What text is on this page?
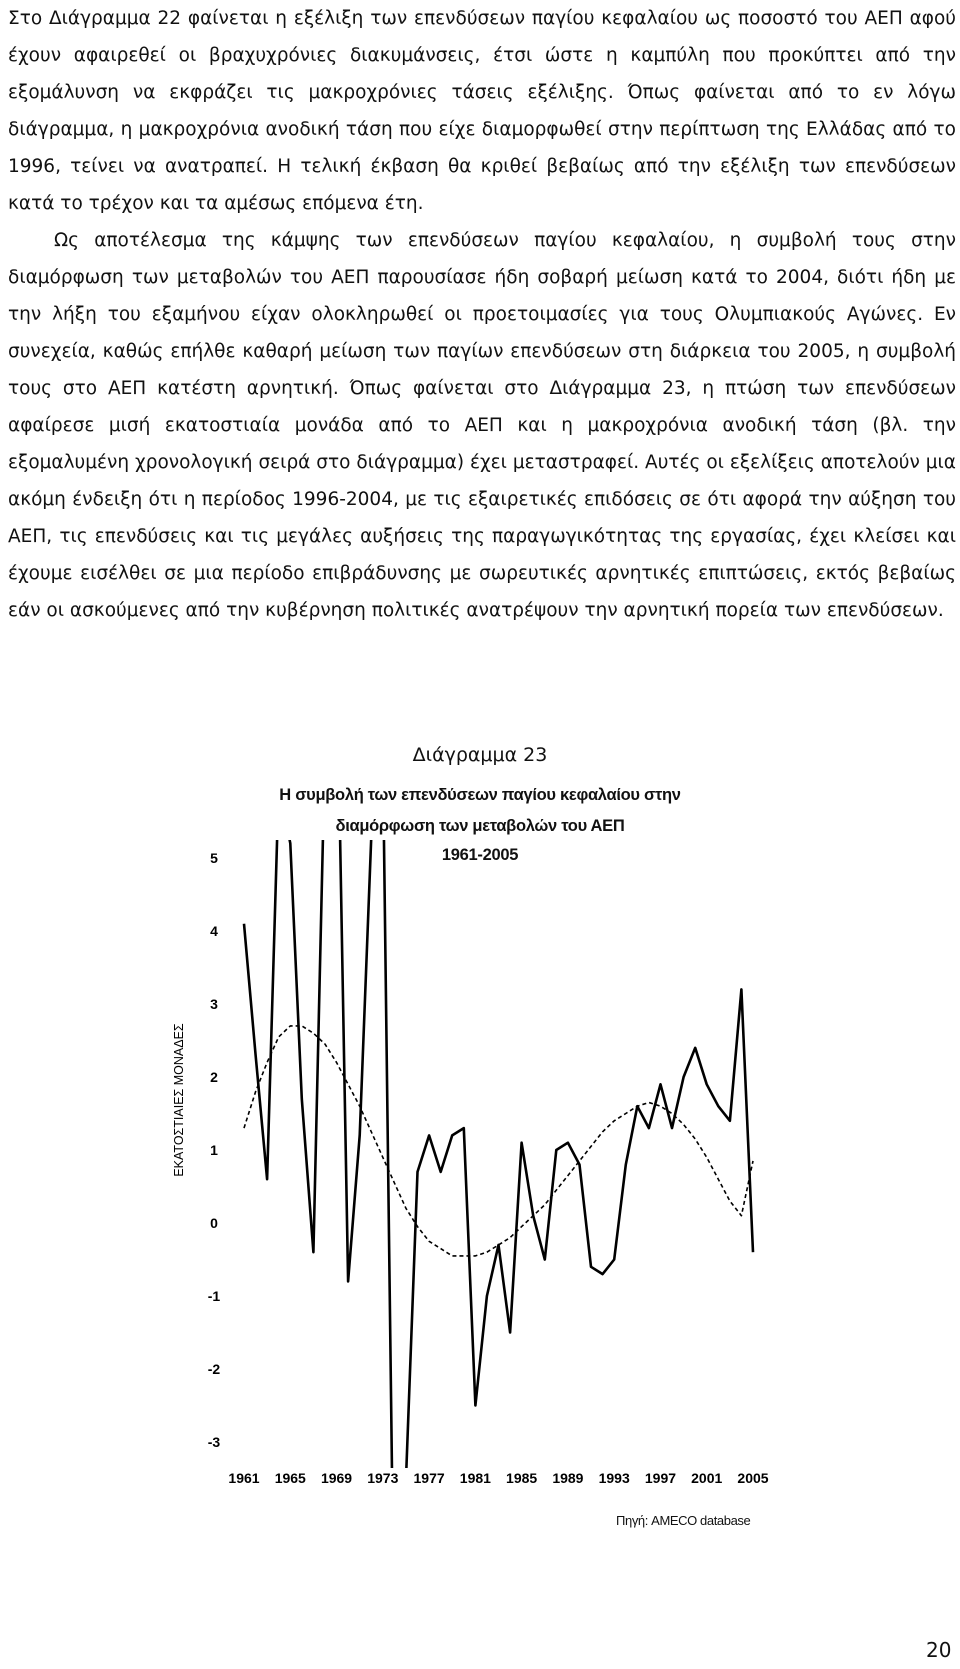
Στο Διάγραμμα 22 φαίνεται η εξέλιξη των επενδύσεων παγίου κεφαλαίου ως ποσοστό του ΑΕΠ αφού έχουν αφαιρεθεί οι βραχυχρόνιες διακυμάνσεις, έτσι ώστε η καμπύλη που προκύπτει από την εξομάλυνση να εκφράζει τις μακροχρόνιες τάσεις εξέλιξης. Όπως φαίνεται από το εν λόγω διάγραμμα, η μακροχρόνια ανοδική τάση που είχε διαμορφωθεί στην περίπτωση της Ελλάδας από το 1996, τείνει να ανατραπεί. Η τελική έκβαση θα κριθεί βεβαίως από την εξέλιξη των επενδύσεων κατά το τρέχον και τα αμέσως επόμενα έτη.

Ως αποτέλεσμα της κάμψης των επενδύσεων παγίου κεφαλαίου, η συμβολή τους στην διαμόρφωση των μεταβολών του ΑΕΠ παρουσίασε ήδη σοβαρή μείωση κατά το 2004, διότι ήδη με την λήξη του εξαμήνου είχαν ολοκληρωθεί οι προετοιμασίες για τους Ολυμπιακούς Αγώνες. Εν συνεχεία, καθώς επήλθε καθαρή μείωση των παγίων επενδύσεων στη διάρκεια του 2005, η συμβολή τους στο ΑΕΠ κατέστη αρνητική. Όπως φαίνεται στο Διάγραμμα 23, η πτώση των επενδύσεων αφαίρεσε μισή εκατοστιαία μονάδα από το ΑΕΠ και η μακροχρόνια ανοδική τάση (βλ. την εξομαλυμένη χρονολογική σειρά στο διάγραμμα) έχει μεταστραφεί. Αυτές οι εξελίξεις αποτελούν μια ακόμη ένδειξη ότι η περίοδος 1996-2004, με τις εξαιρετικές επιδόσεις σε ότι αφορά την αύξηση του ΑΕΠ, τις επενδύσεις και τις μεγάλες αυξήσεις της παραγωγικότητας της εργασίας, έχει κλείσει και έχουμε εισέλθει σε μια περίοδο επιβράδυνσης με σωρευτικές αρνητικές επιπτώσεις, εκτός βεβαίως εάν οι ασκούμενες από την κυβέρνηση πολιτικές ανατρέψουν την αρνητική πορεία των επενδύσεων.

Διάγραμμα 23
Η συμβολή των επενδύσεων παγίου κεφαλαίου στην
διαμόρφωση των μεταβολών του ΑΕΠ
1961-2005
5
4
3
2
1
0
-1
-2
-3
1961 1965 1969 1973 1977 1981 1985 1989 1993 1997 2001 2005
ΕΚΑΤΟΣΤΙΑΙΕΣ ΜΟΝΑΔΕΣ
Πηγή: AMECO database
20
